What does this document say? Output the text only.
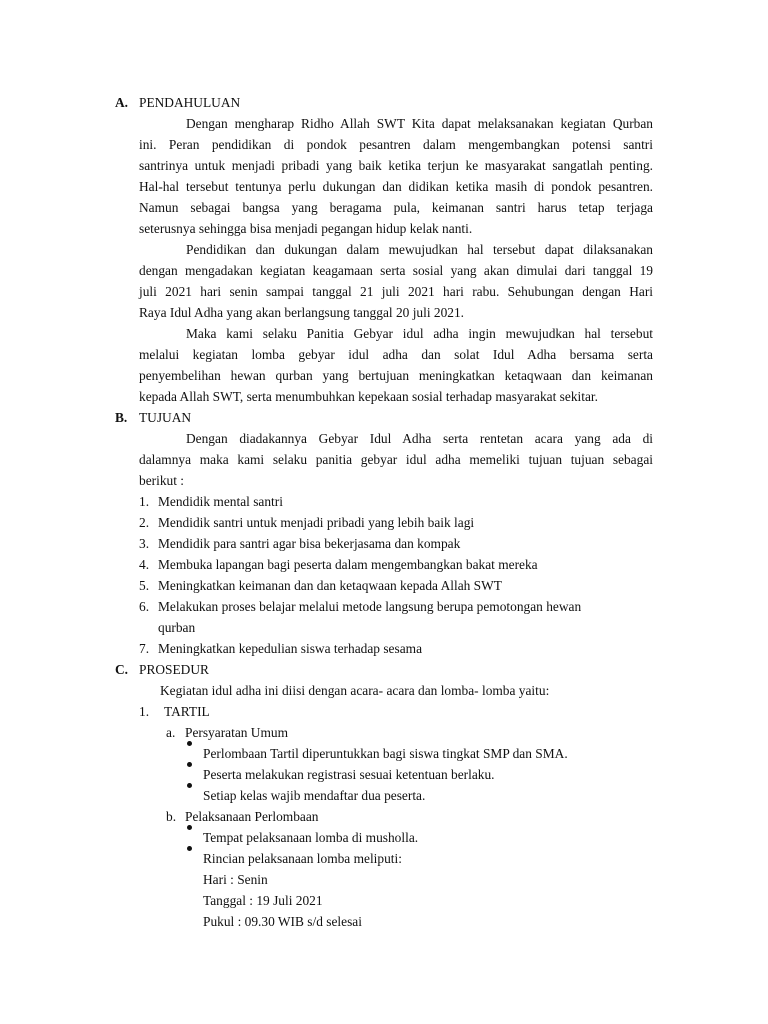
A. PENDAHULUAN
Dengan mengharap Ridho Allah SWT Kita dapat melaksanakan kegiatan Qurban
ini. Peran pendidikan di pondok pesantren dalam mengembangkan potensi santri
santrinya untuk menjadi pribadi yang baik ketika terjun ke masyarakat sangatlah penting.
Hal-hal tersebut tentunya perlu dukungan dan didikan ketika masih di pondok pesantren.
Namun sebagai bangsa yang beragama pula, keimanan santri harus tetap terjaga
seterusnya sehingga bisa menjadi pegangan hidup kelak nanti.
Pendidikan dan dukungan dalam mewujudkan hal tersebut dapat dilaksanakan
dengan mengadakan kegiatan keagamaan serta sosial yang akan dimulai dari tanggal 19
juli 2021 hari senin sampai tanggal 21 juli 2021 hari rabu. Sehubungan dengan Hari
Raya Idul Adha yang akan berlangsung tanggal 20 juli 2021.
Maka kami selaku Panitia Gebyar idul adha ingin mewujudkan hal tersebut
melalui kegiatan lomba gebyar idul adha dan solat Idul Adha bersama serta
penyembelihan hewan qurban yang bertujuan meningkatkan ketaqwaan dan keimanan
kepada Allah SWT, serta menumbuhkan kepekaan sosial terhadap masyarakat sekitar.
B. TUJUAN
Dengan diadakannya Gebyar Idul Adha serta rentetan acara yang ada di
dalamnya maka kami selaku panitia gebyar idul adha memeliki tujuan tujuan sebagai
berikut :
1. Mendidik mental santri
2. Mendidik santri untuk menjadi pribadi yang lebih baik lagi
3. Mendidik para santri agar bisa bekerjasama dan kompak
4. Membuka lapangan bagi peserta dalam mengembangkan bakat mereka
5. Meningkatkan keimanan dan dan ketaqwaan kepada Allah SWT
6. Melakukan proses belajar melalui metode langsung berupa pemotongan hewan
qurban
7. Meningkatkan kepedulian siswa terhadap sesama
C. PROSEDUR
Kegiatan idul adha ini diisi dengan acara- acara dan lomba- lomba yaitu:
1. TARTIL
a. Persyaratan Umum
Perlombaan Tartil diperuntukkan bagi siswa tingkat SMP dan SMA.
Peserta melakukan registrasi sesuai ketentuan berlaku.
Setiap kelas wajib mendaftar dua peserta.
b. Pelaksanaan Perlombaan
Tempat pelaksanaan lomba di musholla.
Rincian pelaksanaan lomba meliputi:
Hari : Senin
Tanggal : 19 Juli 2021
Pukul : 09.30 WIB s/d selesai
